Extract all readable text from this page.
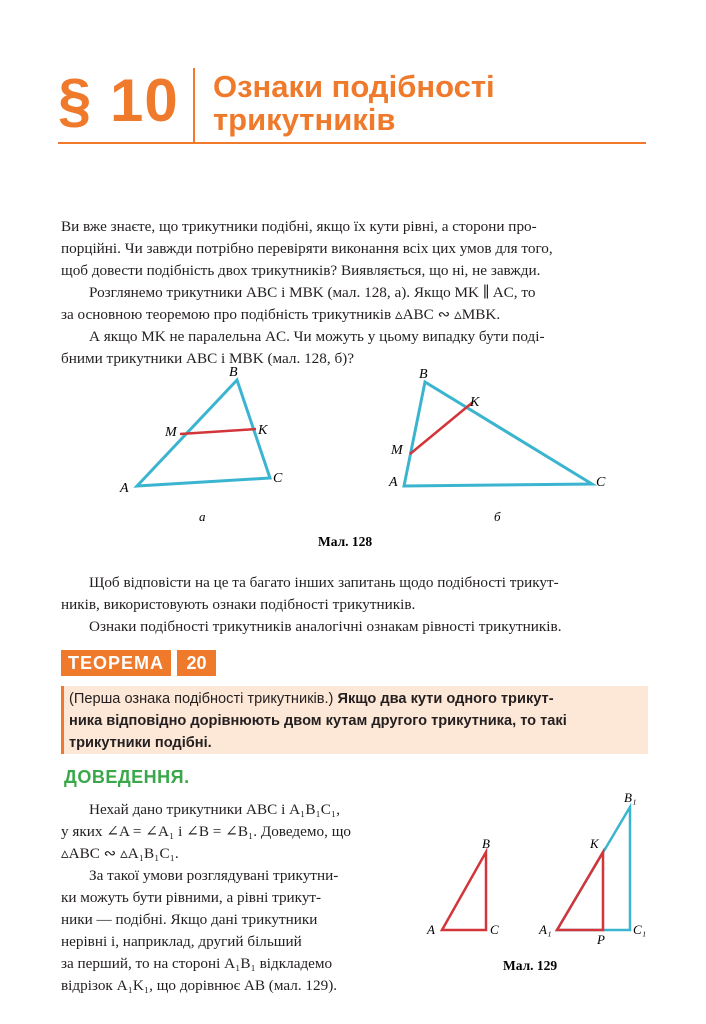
§ 10 Ознаки подібності
трикутників
Ви вже знаєте, що трикутники подібні, якщо їх кути рівні, а сторони про-
порційні. Чи завжди потрібно перевіряти виконання всіх цих умов для того,
щоб довести подібність двох трикутників? Виявляється, що ні, не завжди.
Розглянемо трикутники ABC і MBK (мал. 128, а). Якщо MK ∥ AC, то
за основною теоремою про подібність трикутників ▵ABC ∾ ▵MBK.
А якщо MK не паралельна AC. Чи можуть у цьому випадку бути поді-
бними трикутники ABC і MBK (мал. 128, б)?
B
M	K
A
C
а
B
K
M
A	C
б
Мал. 128
Щоб відповісти на це та багато інших запитань щодо подібності трикут-
ників, використовують ознаки подібності трикутників.
Ознаки подібності трикутників аналогічні ознакам рівності трикутників.
ТЕОРЕМА	20
(Перша ознака подібності трикутників.) Якщо два кути одного трикут-
ника відповідно дорівнюють двом кутам другого трикутника, то такі
трикутники подібні.
ДОВЕДЕННЯ.
Нехай дано трикутники ABC і A₁B₁C₁,
у яких ∠A = ∠A₁ і ∠B = ∠B₁. Доведемо, що
▵ABC ∾ ▵A₁B₁C₁.
За такої умови розглядувані трикутни-
ки можуть бути рівними, а рівні трикут-
ники — подібні. Якщо дані трикутники
нерівні і, наприклад, другий більший
за перший, то на стороні A₁B₁ відкладемо
відрізок A₁K₁, що дорівнює AB (мал. 129).
B
A	C
B₁
K
A₁
P
C₁
Мал. 129
